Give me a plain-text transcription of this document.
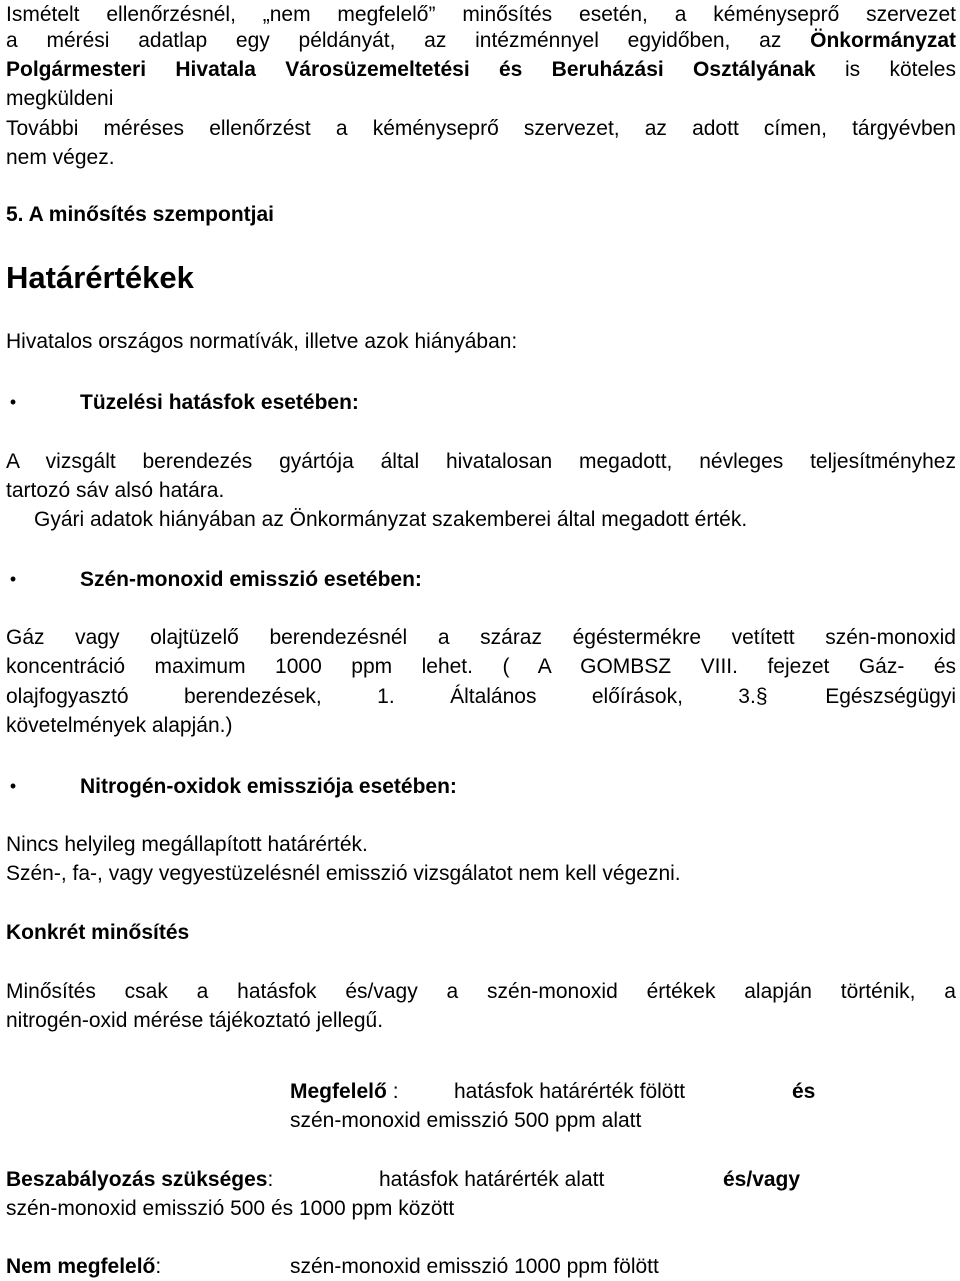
Ismételt ellenőrzésnél, „nem megfelelő” minősítés esetén, a kéményseprő szervezet
a mérési adatlap egy példányát, az intézménnyel egyidőben, az Önkormányzat
Polgármesteri Hivatala Városüzemeltetési és Beruházási Osztályának is köteles
megküldeni
További méréses ellenőrzést a kéményseprő szervezet, az adott címen, tárgyévben
nem végez.
5. A minősítés szempontjai
Határértékek
Hivatalos országos normatívák, illetve azok hiányában:
•	Tüzelési hatásfok esetében:
A vizsgált berendezés gyártója által hivatalosan megadott, névleges teljesítményhez
tartozó sáv alsó határa.
Gyári adatok hiányában az Önkormányzat szakemberei által megadott érték.
•	Szén-monoxid emisszió esetében:
Gáz vagy olajtüzelő berendezésnél a száraz égéstermékre vetített szén-monoxid
koncentráció maximum 1000 ppm lehet. ( A GOMBSZ VIII. fejezet Gáz- és
olajfogyasztó berendezések, 1. Általános előírások, 3.§	Egészségügyi
követelmények alapján.)
•	Nitrogén-oxidok emissziója esetében:
Nincs helyileg megállapított határérték.
Szén-, fa-, vagy vegyestüzelésnél emisszió vizsgálatot nem kell végezni.
Konkrét minősítés
Minősítés csak a hatásfok és/vagy a szén-monoxid értékek alapján történik, a
nitrogén-oxid mérése tájékoztató jellegű.
Megfelelő :	hatásfok határérték fölött	és
szén-monoxid emisszió 500 ppm alatt
Beszabályozás szükséges:	hatásfok határérték alatt	és/vagy
szén-monoxid emisszió 500 és 1000 ppm között
Nem megfelelő:	szén-monoxid emisszió 1000 ppm fölött
